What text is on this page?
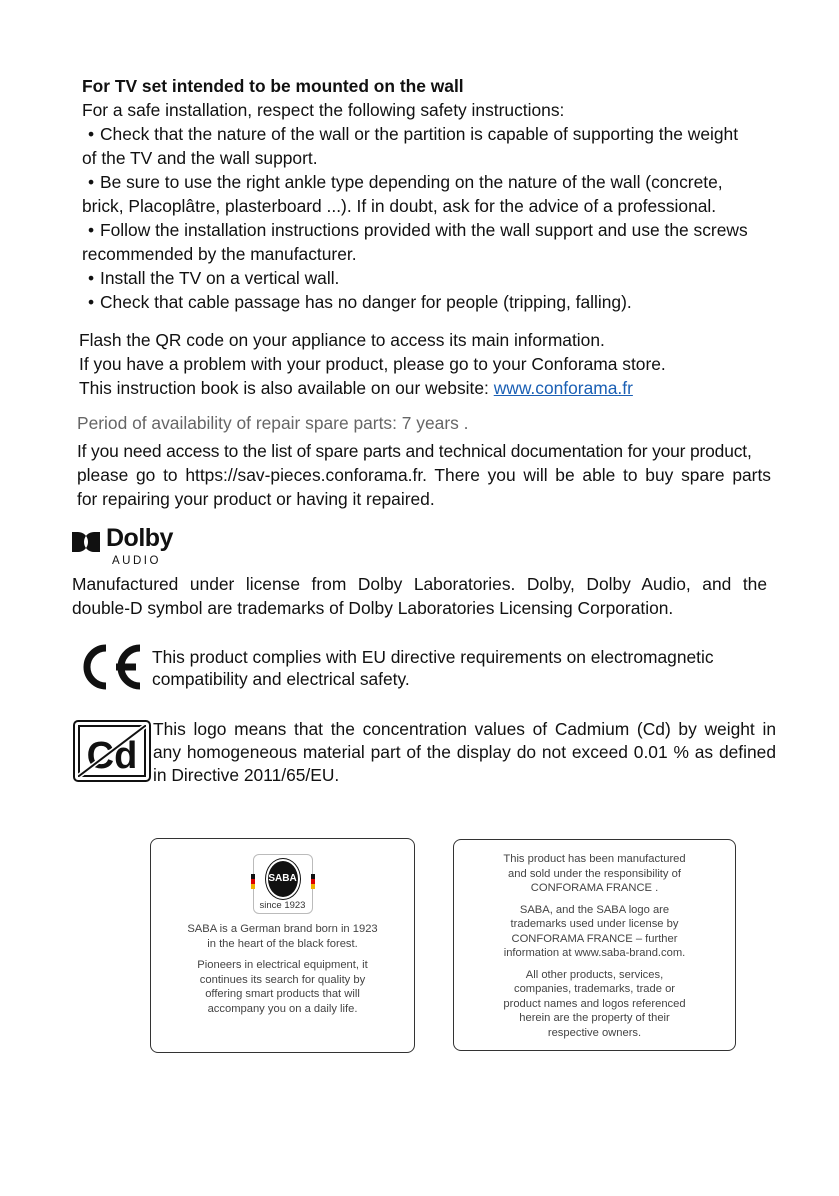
For TV set intended to be mounted on the wall
For a safe installation, respect the following safety instructions:
• Check that the nature of the wall or the partition is capable of supporting the weight
of the TV and the wall support.
• Be sure to use the right ankle type depending on the nature of the wall (concrete,
brick, Placoplâtre, plasterboard ...). If in doubt, ask for the advice of a professional.
• Follow the installation instructions provided with the wall support and use the screws
recommended by the manufacturer.
• Install the TV on a vertical wall.
• Check that cable passage has no danger for people (tripping, falling).
Flash the QR code on your appliance to access its main information.
If you have a problem with your product, please go to your Conforama store.
This instruction book is also available on our website: www.conforama.fr
Period of availability of repair spare parts: 7 years .
If you need access to the list of spare parts and technical documentation for your product,
please go to https://sav-pieces.conforama.fr. There you will be able to buy spare parts
for repairing your product or having it repaired.
Dolby
AUDIO
Manufactured under license from Dolby Laboratories. Dolby, Dolby Audio, and the
double-D symbol are trademarks of Dolby Laboratories Licensing Corporation.
This product complies with EU directive requirements on electromagnetic
compatibility and electrical safety.
Cd
This logo means that the concentration values of Cadmium (Cd) by weight in
any homogeneous material part of the display do not exceed 0.01 % as defined
in Directive 2011/65/EU.
SABA
since 1923

SABA is a German brand born in 1923
in the heart of the black forest.

Pioneers in electrical equipment, it
continues its search for quality by
offering smart products that will
accompany you on a daily life.

This product has been manufactured
and sold under the responsibility of
CONFORAMA FRANCE .

SABA, and the SABA logo are
trademarks used under license by
CONFORAMA FRANCE – further
information at www.saba-brand.com.

All other products, services,
companies, trademarks, trade or
product names and logos referenced
herein are the property of their
respective owners.
